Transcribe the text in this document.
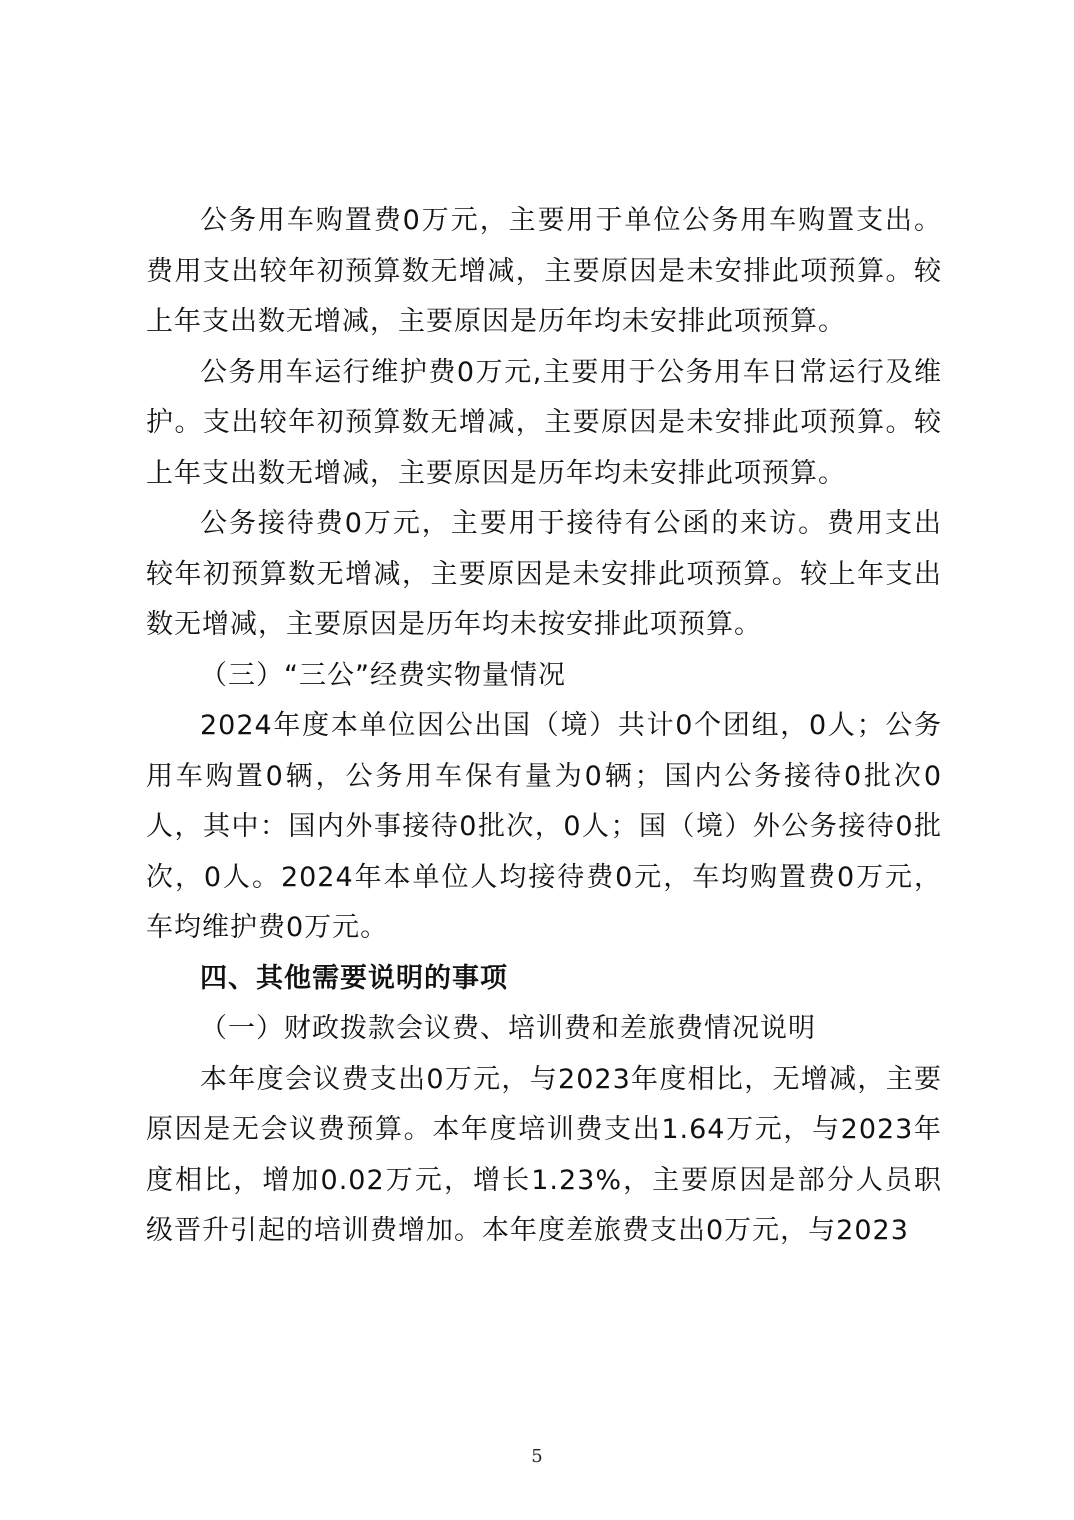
公务用车购置费0万元，主要用于单位公务用车购置支出。费用支出较年初预算数无增减，主要原因是未安排此项预算。较上年支出数无增减，主要原因是历年均未安排此项预算。

公务用车运行维护费0万元,主要用于公务用车日常运行及维护。支出较年初预算数无增减，主要原因是未安排此项预算。较上年支出数无增减，主要原因是历年均未安排此项预算。

公务接待费0万元，主要用于接待有公函的来访。费用支出较年初预算数无增减，主要原因是未安排此项预算。较上年支出数无增减，主要原因是历年均未按安排此项预算。

（三）“三公”经费实物量情况

2024年度本单位因公出国（境）共计0个团组，0人；公务用车购置0辆，公务用车保有量为0辆；国内公务接待0批次0人，其中：国内外事接待0批次，0人；国（境）外公务接待0批次，0人。2024年本单位人均接待费0元，车均购置费0万元，车均维护费0万元。

四、其他需要说明的事项

（一）财政拨款会议费、培训费和差旅费情况说明

本年度会议费支出0万元，与2023年度相比，无增减，主要原因是无会议费预算。本年度培训费支出1.64万元，与2023年度相比，增加0.02万元，增长1.23%，主要原因是部分人员职级晋升引起的培训费增加。本年度差旅费支出0万元，与2023

5
